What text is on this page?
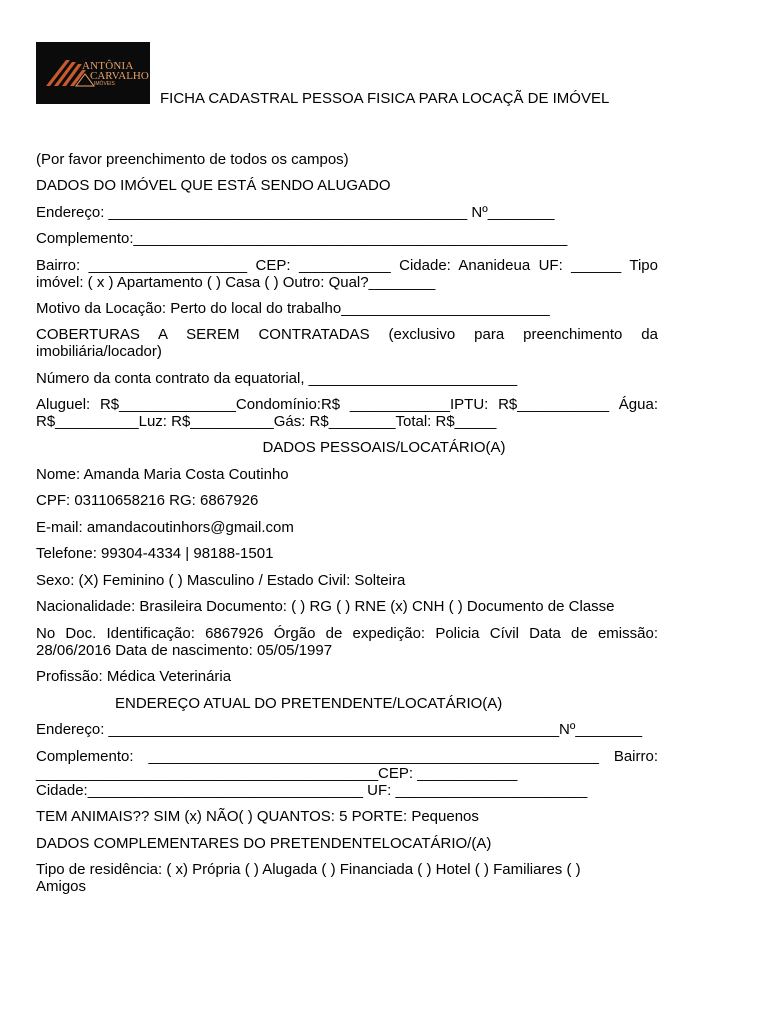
ANTÔNIA
CARVALHO
IMÓVEIS
FICHA CADASTRAL PESSOA FISICA PARA LOCAÇÃ DE IMÓVEL
(Por favor preenchimento de todos os campos)
DADOS DO IMÓVEL QUE ESTÁ SENDO ALUGADO
Endereço: ___________________________________________ Nº________
Complemento:____________________________________________________
Bairro: ___________________ CEP: ___________ Cidade: Ananideua UF: ______ Tipo
imóvel: ( x ) Apartamento ( ) Casa ( ) Outro: Qual?________
Motivo da Locação: Perto do local do trabalho_________________________
COBERTURAS A SEREM CONTRATADAS (exclusivo para preenchimento da
imobiliária/locador)
Número da conta contrato da equatorial, _________________________
Aluguel: R$______________Condomínio:R$ ____________IPTU: R$___________ Água:
R$__________Luz: R$__________Gás: R$________Total: R$_____
DADOS PESSOAIS/LOCATÁRIO(A)
Nome: Amanda Maria Costa Coutinho
CPF: 03110658216 RG: 6867926
E-mail: amandacoutinhors@gmail.com
Telefone: 99304-4334 | 98188-1501
Sexo: (X) Feminino ( ) Masculino / Estado Civil: Solteira
Nacionalidade: Brasileira Documento: ( ) RG ( ) RNE (x) CNH ( ) Documento de Classe
No Doc. Identificação: 6867926 Órgão de expedição: Policia Cívil Data de emissão:
28/06/2016 Data de nascimento: 05/05/1997
Profissão: Médica Veterinária
ENDEREÇO ATUAL DO PRETENDENTE/LOCATÁRIO(A)
Endereço: ______________________________________________________Nº________
Complemento: ______________________________________________________ Bairro:
_________________________________________CEP: ____________
Cidade:_________________________________ UF: _______________________
TEM ANIMAIS?? SIM (x) NÃO( ) QUANTOS: 5 PORTE: Pequenos
DADOS COMPLEMENTARES DO PRETENDENTELOCATÁRIO/(A)
Tipo de residência: ( x) Própria ( ) Alugada ( ) Financiada ( ) Hotel ( ) Familiares ( )
Amigos
